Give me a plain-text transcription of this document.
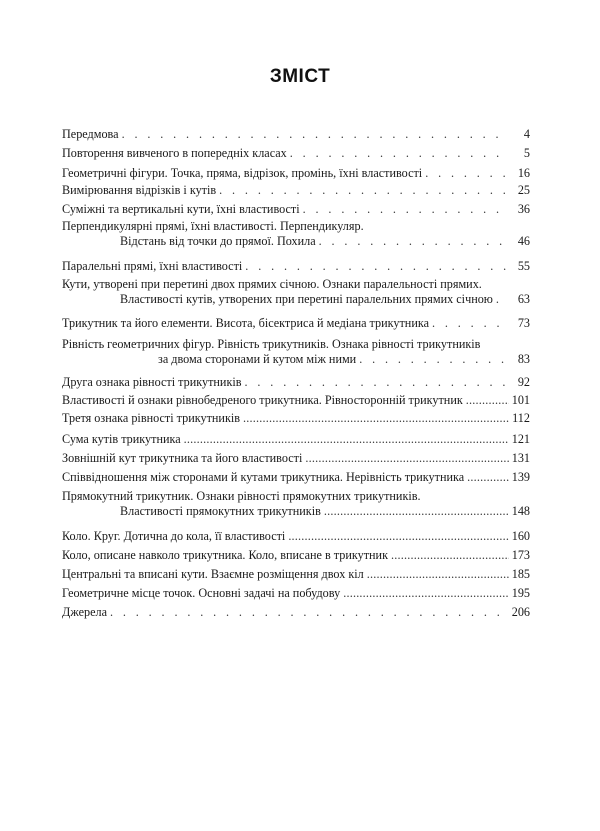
ЗМІСТ
Передмова . . .	4
Повторення вивченого в попередніх класах . . .	5
Геометричні фігури. Точка, пряма, відрізок, промінь, їхні властивості . . .	16
Вимірювання відрізків і кутів . . .	25
Суміжні та вертикальні кути, їхні властивості . . .	36
Перпендикулярні прямі, їхні властивості. Перпендикуляр.
Відстань від точки до прямої. Похила . . .	46
Паралельні прямі, їхні властивості . . .	55
Кути, утворені при перетині двох прямих січною. Ознаки паралельності прямих.
Властивості кутів, утворених при перетині паралельних прямих січною . . .	63
Трикутник та його елементи. Висота, бісектриса й медіана трикутника . . .	73
Рівність геометричних фігур. Рівність трикутників. Ознака рівності трикутників
за двома сторонами й кутом між ними . . .	83
Друга ознака рівності трикутників . . .	92
Властивості й ознаки рівнобедреного трикутника. Рівносторонній трикутник .....	101
Третя ознака рівності трикутників .....	112
Сума кутів трикутника .....	121
Зовнішній кут трикутника та його властивості .....	131
Співвідношення між сторонами й кутами трикутника. Нерівність трикутника .....	139
Прямокутний трикутник. Ознаки рівності прямокутних трикутників.
Властивості прямокутних трикутників .....	148
Коло. Круг. Дотична до кола, її властивості .....	160
Коло, описане навколо трикутника. Коло, вписане в трикутник .....	173
Центральні та вписані кути. Взаємне розміщення двох кіл .....	185
Геометричне місце точок. Основні задачі на побудову .....	195
Джерела . . .	206
